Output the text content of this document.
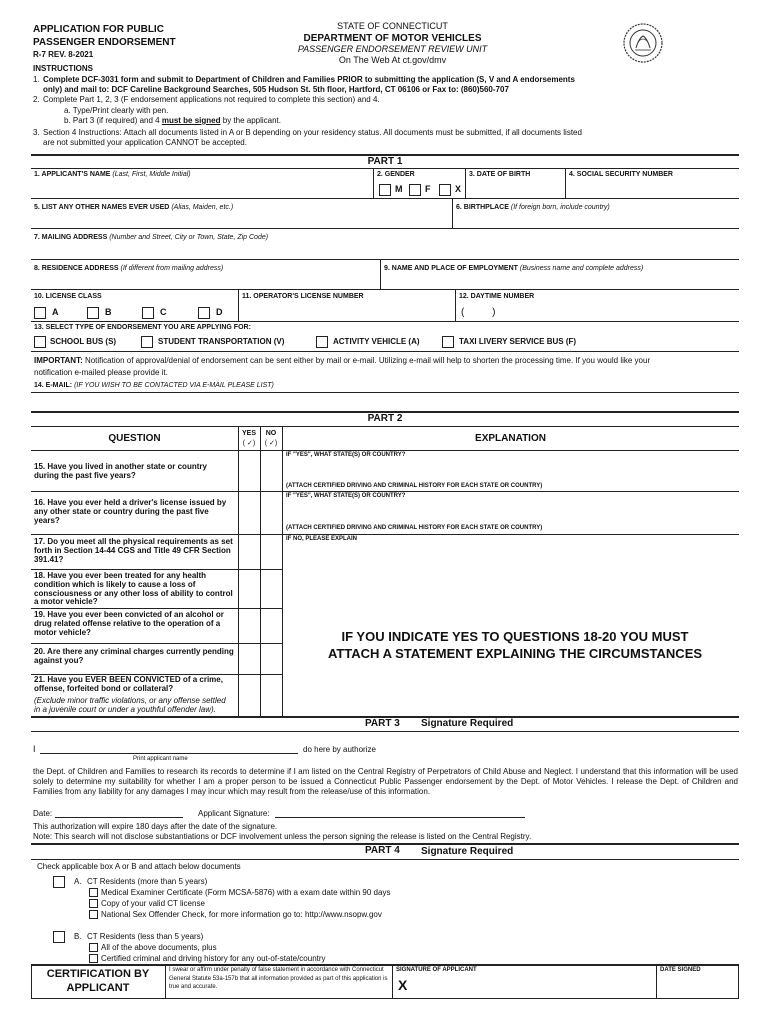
APPLICATION FOR PUBLIC
PASSENGER ENDORSEMENT
R-7 REV. 8-2021
STATE OF CONNECTICUT
DEPARTMENT OF MOTOR VEHICLES
PASSENGER ENDORSEMENT REVIEW UNIT
On The Web At ct.gov/dmv
INSTRUCTIONS
1. Complete DCF-3031 form and submit to Department of Children and Families PRIOR to submitting the application (S, V and A endorsements
only) and mail to: DCF Careline Background Searches, 505 Hudson St. 5th floor, Hartford, CT 06106 or Fax to: (860)560-707
2. Complete Part 1, 2, 3 (F endorsement applications not required to complete this section) and 4.
a. Type/Print clearly with pen.
b. Part 3 (if required) and 4 must be signed by the applicant.
3. Section 4 Instructions: Attach all documents listed in A or B depending on your residency status. All documents must be submitted, if all documents listed
are not submitted your application CANNOT be accepted.
PART 1
1. APPLICANT'S NAME (Last, First, Middle Initial)	2. GENDER
M	F	X
3. DATE OF BIRTH	4. SOCIAL SECURITY NUMBER
5. LIST ANY OTHER NAMES EVER USED (Alias, Maiden, etc.)	6. BIRTHPLACE (If foreign born, include country)
7. MAILING ADDRESS (Number and Street, City or Town, State, Zip Code)
8. RESIDENCE ADDRESS (If different from mailing address)	9. NAME AND PLACE OF EMPLOYMENT (Business name and complete address)
10. LICENSE CLASS
A	B	C	D
11. OPERATOR'S LICENSE NUMBER	12. DAYTIME NUMBER
(          )
13. SELECT TYPE OF ENDORSEMENT YOU ARE APPLYING FOR:
SCHOOL BUS (S)	STUDENT TRANSPORTATION (V)	ACTIVITY VEHICLE (A)	TAXI LIVERY SERVICE BUS (F)
IMPORTANT: Notification of approval/denial of endorsement can be sent either by mail or e-mail. Utilizing e-mail will help to shorten the processing time. If you would like your
notification e-mailed please provide it.
14. E-MAIL: (IF YOU WISH TO BE CONTACTED VIA E-MAIL PLEASE LIST)
PART 2
QUESTION	YES
( ✓)
NO
( ✓)	EXPLANATION
15. Have you lived in another state or country during the past five years?
IF "YES", WHAT STATE(S) OR COUNTRY?
(ATTACH CERTIFIED DRIVING AND CRIMINAL HISTORY FOR EACH STATE OR COUNTRY)
16. Have you ever held a driver's license issued by any other state or country during the past five years?
IF "YES", WHAT STATE(S) OR COUNTRY?
(ATTACH CERTIFIED DRIVING AND CRIMINAL HISTORY FOR EACH STATE OR COUNTRY)
17. Do you meet all the physical requirements as set forth in Section 14-44 CGS and Title 49 CFR Section 391.41?
IF NO, PLEASE EXPLAIN
18. Have you ever been treated for any health condition which is likely to cause a loss of consciousness or any other loss of ability to control a motor vehicle?
19. Have you ever been convicted of an alcohol or drug related offense relative to the operation of a motor vehicle?
20. Are there any criminal charges currently pending against you?
21. Have you EVER BEEN CONVICTED of a crime, offense, forfeited bond or collateral?
(Exclude minor traffic violations, or any offense settled in a juvenile court or under a youthful offender law).
IF YOU INDICATE YES TO QUESTIONS 18-20 YOU MUST
ATTACH A STATEMENT EXPLAINING THE CIRCUMSTANCES
PART 3 Signature Required
I	do here by authorize
Print applicant name
the Dept. of Children and Families to research its records to determine if I am listed on the Central Registry of Perpetrators of Child Abuse and Neglect. I understand that this information will be used solely to determine my suitability for whether I am a proper person to be issued a Connecticut Public Passenger endorsement by the Dept. of Motor Vehicles. I release the Dept. of Children and Families from any liability for any damages I may incur which may result from the release/use of this information.
Date:	Applicant Signature:
This authorization will expire 180 days after the date of the signature.
Note: This search will not disclose substantiations or DCF involvement unless the person signing the release is listed on the Central Registry.
PART 4 Signature Required
Check applicable box A or B and attach below documents
A. CT Residents (more than 5 years)
Medical Examiner Certificate (Form MCSA-5876) with a exam date within 90 days
Copy of your valid CT license
National Sex Offender Check, for more information go to: http://www.nsopw.gov
B. CT Residents (less than 5 years)
All of the above documents, plus
Certified criminal and driving history for any out-of-state/country
CERTIFICATION BY
APPLICANT
I swear or affirm under penalty of false statement in accordance with Connecticut General Statute 53a-157b that all information provided as part of this application is true and accurate.
SIGNATURE OF APPLICANT
X
DATE SIGNED
